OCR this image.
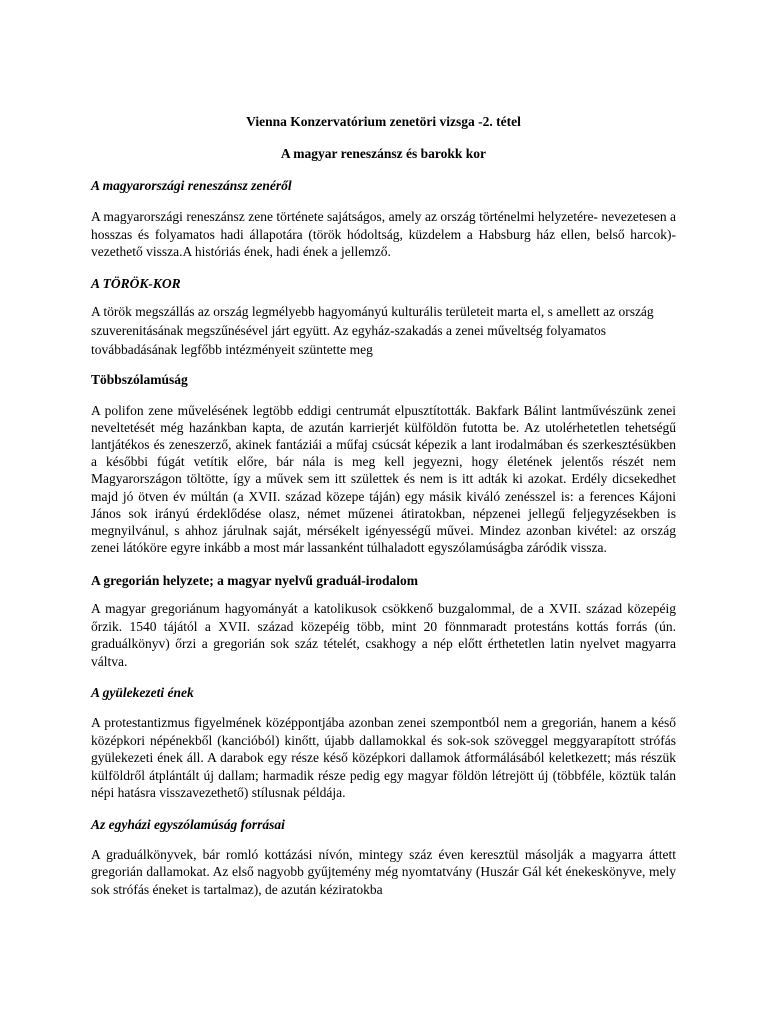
Vienna Konzervatórium zenetöri vizsga -2. tétel
A magyar reneszánsz és barokk kor
A magyarországi reneszánsz zenéről

A magyarországi reneszánsz zene története sajátságos, amely az ország történelmi helyzetére- nevezetesen a hosszas és folyamatos hadi állapotára (török hódoltság, küzdelem a Habsburg ház ellen, belső harcok)-vezethető vissza.A históriás ének, hadi ének a jellemző.

A TÖRÖK-KOR

A török megszállás az ország legmélyebb hagyományú kulturális területeit marta el, s amellett az ország szuverenitásának megszűnésével járt együtt. Az egyház-szakadás a zenei műveltség folyamatos továbbadásának legfőbb intézményeit szüntette meg

Többszólamúság

A polifon zene művelésének legtöbb eddigi centrumát elpusztították. Bakfark Bálint lantművészünk zenei neveltetését még hazánkban kapta, de azután karrierjét külföldön futotta be. Az utolérhetetlen tehetségű lantjátékos és zeneszerző, akinek fantáziái a műfaj csúcsát képezik a lant irodalmában és szerkesztésükben a későbbi fúgát vetítik előre, bár nála is meg kell jegyezni, hogy életének jelentős részét nem Magyarországon töltötte, így a művek sem itt születtek és nem is itt adták ki azokat. Erdély dicsekedhet majd jó ötven év múltán (a XVII. század közepe táján) egy másik kiváló zenésszel is: a ferences Kájoni János sok irányú érdeklődése olasz, német műzenei átiratokban, népzenei jellegű feljegyzésekben is megnyilvánul, s ahhoz járulnak saját, mérsékelt igényességű művei. Mindez azonban kivétel: az ország zenei látóköre egyre inkább a most már lassanként túlhaladott egyszólamúságba záródik vissza.

A gregorián helyzete; a magyar nyelvű graduál-irodalom

A magyar gregoriánum hagyományát a katolikusok csökkenő buzgalommal, de a XVII. század közepéig őrzik. 1540 tájától a XVII. század közepéig több, mint 20 fönnmaradt protestáns kottás forrás (ún. graduálkönyv) őrzi a gregorián sok száz tételét, csakhogy a nép előtt érthetetlen latin nyelvet magyarra váltva.

A gyülekezeti ének

A protestantizmus figyelmének középpontjába azonban zenei szempontból nem a gregorián, hanem a késő középkori népénekből (kancióból) kinőtt, újabb dallamokkal és sok-sok szöveggel meggyarapított strófás gyülekezeti ének áll. A darabok egy része késő középkori dallamok átformálásából keletkezett; más részük külföldről átplántált új dallam; harmadik része pedig egy magyar földön létrejött új (többféle, köztük talán népi hatásra visszavezethető) stílusnak példája.

Az egyházi egyszólamúság forrásai

A graduálkönyvek, bár romló kottázási nívón, mintegy száz éven keresztül másolják a magyarra áttett gregorián dallamokat. Az első nagyobb gyűjtemény még nyomtatvány (Huszár Gál két énekeskönyve, mely sok strófás éneket is tartalmaz), de azután kéziratokba
